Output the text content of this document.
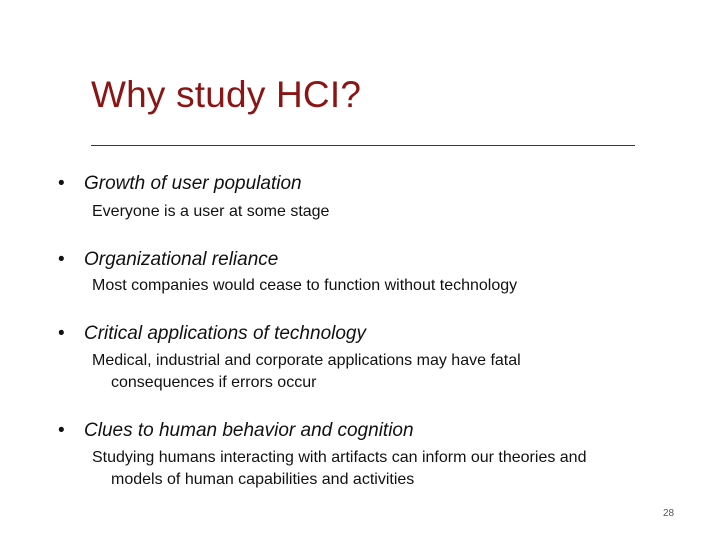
Why study HCI?
•	Growth of user population
Everyone is a user at some stage
•	Organizational reliance
Most companies would cease to function without technology
•	Critical applications of technology
Medical, industrial and corporate applications may have fatal
consequences if errors occur
•	Clues to human behavior and cognition
Studying humans interacting with artifacts can inform our theories and
models of human capabilities and activities
28
